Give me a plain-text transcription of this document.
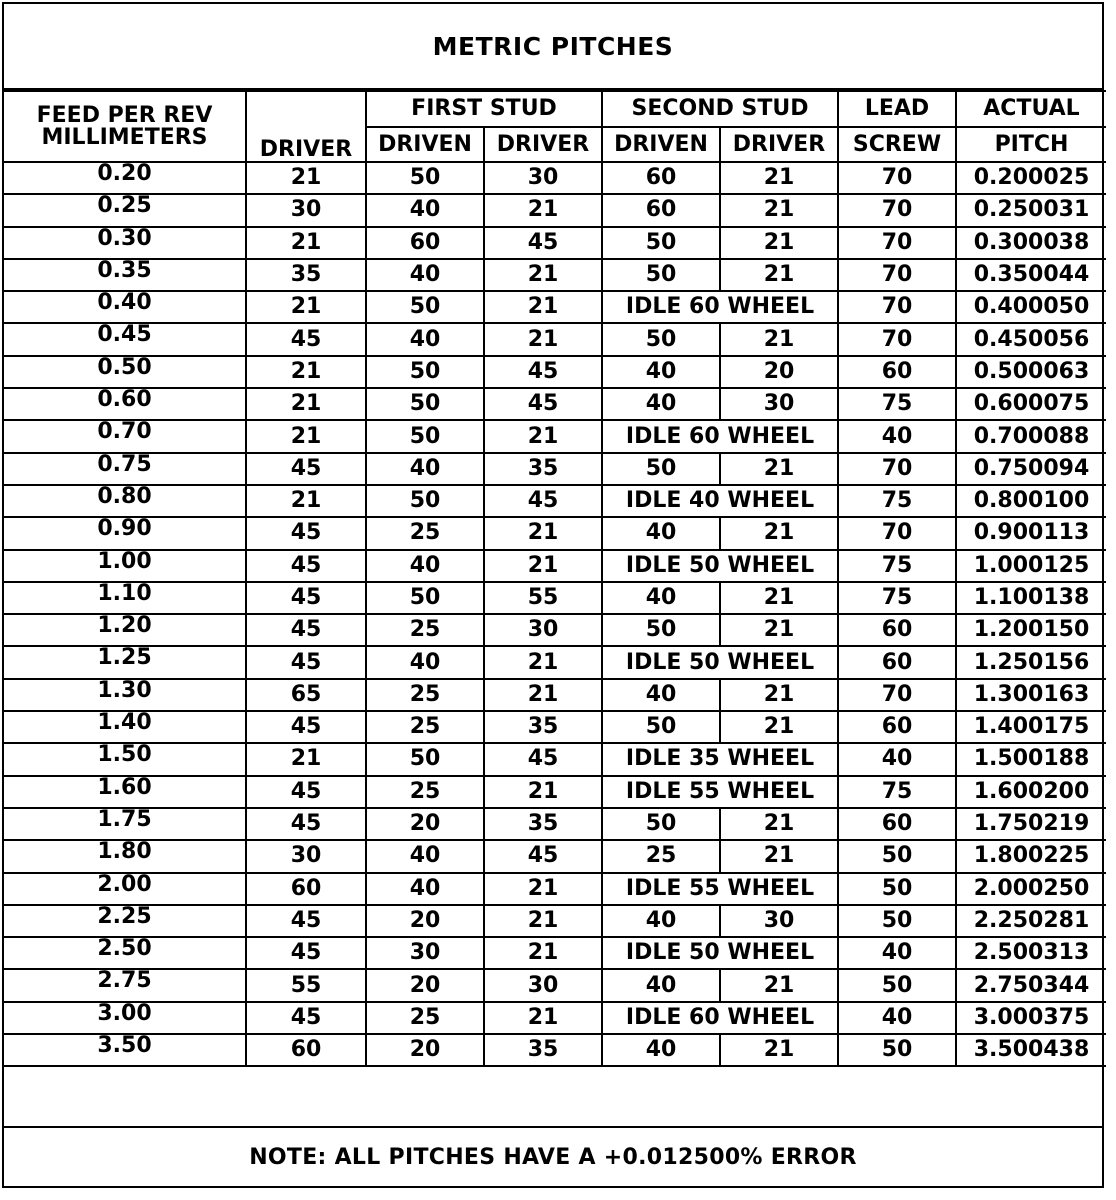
METRIC PITCHES
FEED PER REV
MILLIMETERS	DRIVER	FIRST STUD		SECOND STUD		LEAD	ACTUAL
		DRIVEN	DRIVER	DRIVEN	DRIVER	SCREW	PITCH
0.20	21	50	30	60	21	70	0.200025
0.25	30	40	21	60	21	70	0.250031
0.30	21	60	45	50	21	70	0.300038
0.35	35	40	21	50	21	70	0.350044
0.40	21	50	21	IDLE 60 WHEEL		70	0.400050
0.45	45	40	21	50	21	70	0.450056
0.50	21	50	45	40	20	60	0.500063
0.60	21	50	45	40	30	75	0.600075
0.70	21	50	21	IDLE 60 WHEEL		40	0.700088
0.75	45	40	35	50	21	70	0.750094
0.80	21	50	45	IDLE 40 WHEEL		75	0.800100
0.90	45	25	21	40	21	70	0.900113
1.00	45	40	21	IDLE 50 WHEEL		75	1.000125
1.10	45	50	55	40	21	75	1.100138
1.20	45	25	30	50	21	60	1.200150
1.25	45	40	21	IDLE 50 WHEEL		60	1.250156
1.30	65	25	21	40	21	70	1.300163
1.40	45	25	35	50	21	60	1.400175
1.50	21	50	45	IDLE 35 WHEEL		40	1.500188
1.60	45	25	21	IDLE 55 WHEEL		75	1.600200
1.75	45	20	35	50	21	60	1.750219
1.80	30	40	45	25	21	50	1.800225
2.00	60	40	21	IDLE 55 WHEEL		50	2.000250
2.25	45	20	21	40	30	50	2.250281
2.50	45	30	21	IDLE 50 WHEEL		40	2.500313
2.75	55	20	30	40	21	50	2.750344
3.00	45	25	21	IDLE 60 WHEEL		40	3.000375
3.50	60	20	35	40	21	50	3.500438
NOTE: ALL PITCHES HAVE A +0.012500% ERROR
